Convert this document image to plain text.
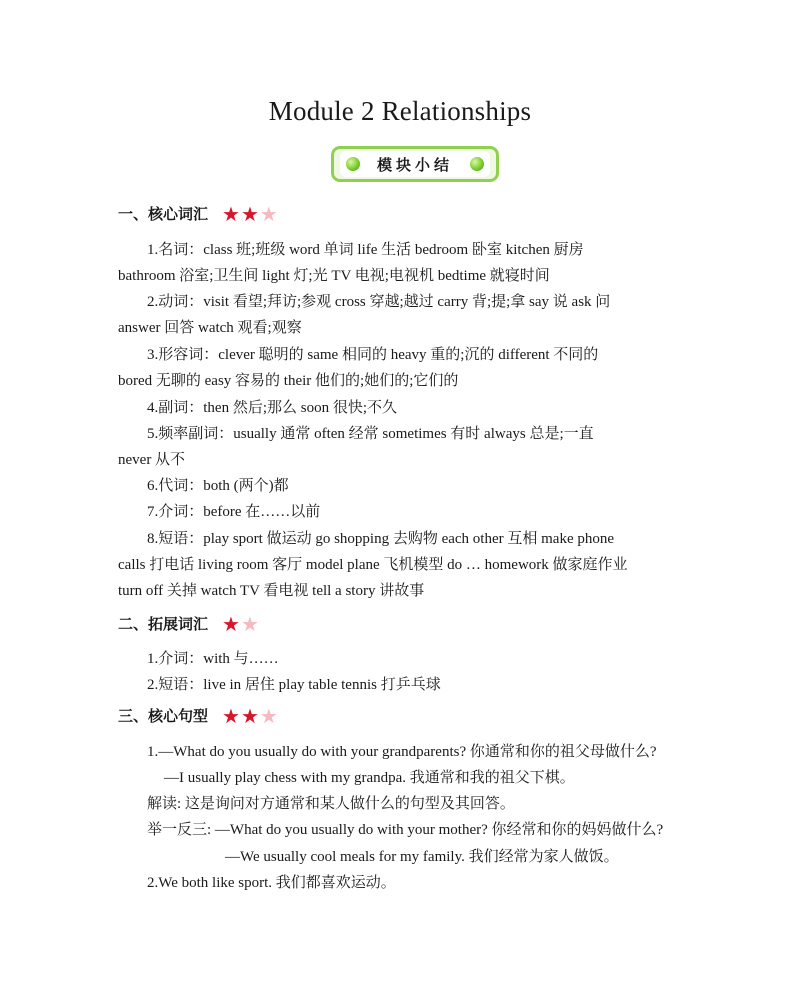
Module 2 Relationships
模块小结
一、核心词汇 ★ ★ ★
1.名词：class 班;班级 word 单词 life 生活 bedroom 卧室 kitchen 厨房
bathroom 浴室;卫生间 light 灯;光 TV 电视;电视机 bedtime 就寝时间
2.动词：visit 看望;拜访;参观 cross 穿越;越过 carry 背;提;拿 say 说 ask 问
answer 回答 watch 观看;观察
3.形容词：clever 聪明的 same 相同的 heavy 重的;沉的 different 不同的
bored 无聊的 easy 容易的 their 他们的;她们的;它们的
4.副词：then 然后;那么 soon 很快;不久
5.频率副词：usually 通常 often 经常 sometimes 有时 always 总是;一直
never 从不
6.代词：both (两个)都
7.介词：before 在……以前
8.短语：play sport 做运动 go shopping 去购物 each other 互相 make phone
calls 打电话 living room 客厅 model plane 飞机模型 do … homework 做家庭作业
turn off 关掉 watch TV 看电视 tell a story 讲故事
二、拓展词汇 ★ ★
1.介词：with 与……
2.短语：live in 居住 play table tennis 打乒乓球
三、核心句型 ★ ★ ★
1.—What do you usually do with your grandparents? 你通常和你的祖父母做什么?
—I usually play chess with my grandpa. 我通常和我的祖父下棋。
解读: 这是询问对方通常和某人做什么的句型及其回答。
举一反三: —What do you usually do with your mother? 你经常和你的妈妈做什么?
—We usually cool meals for my family. 我们经常为家人做饭。
2.We both like sport. 我们都喜欢运动。
